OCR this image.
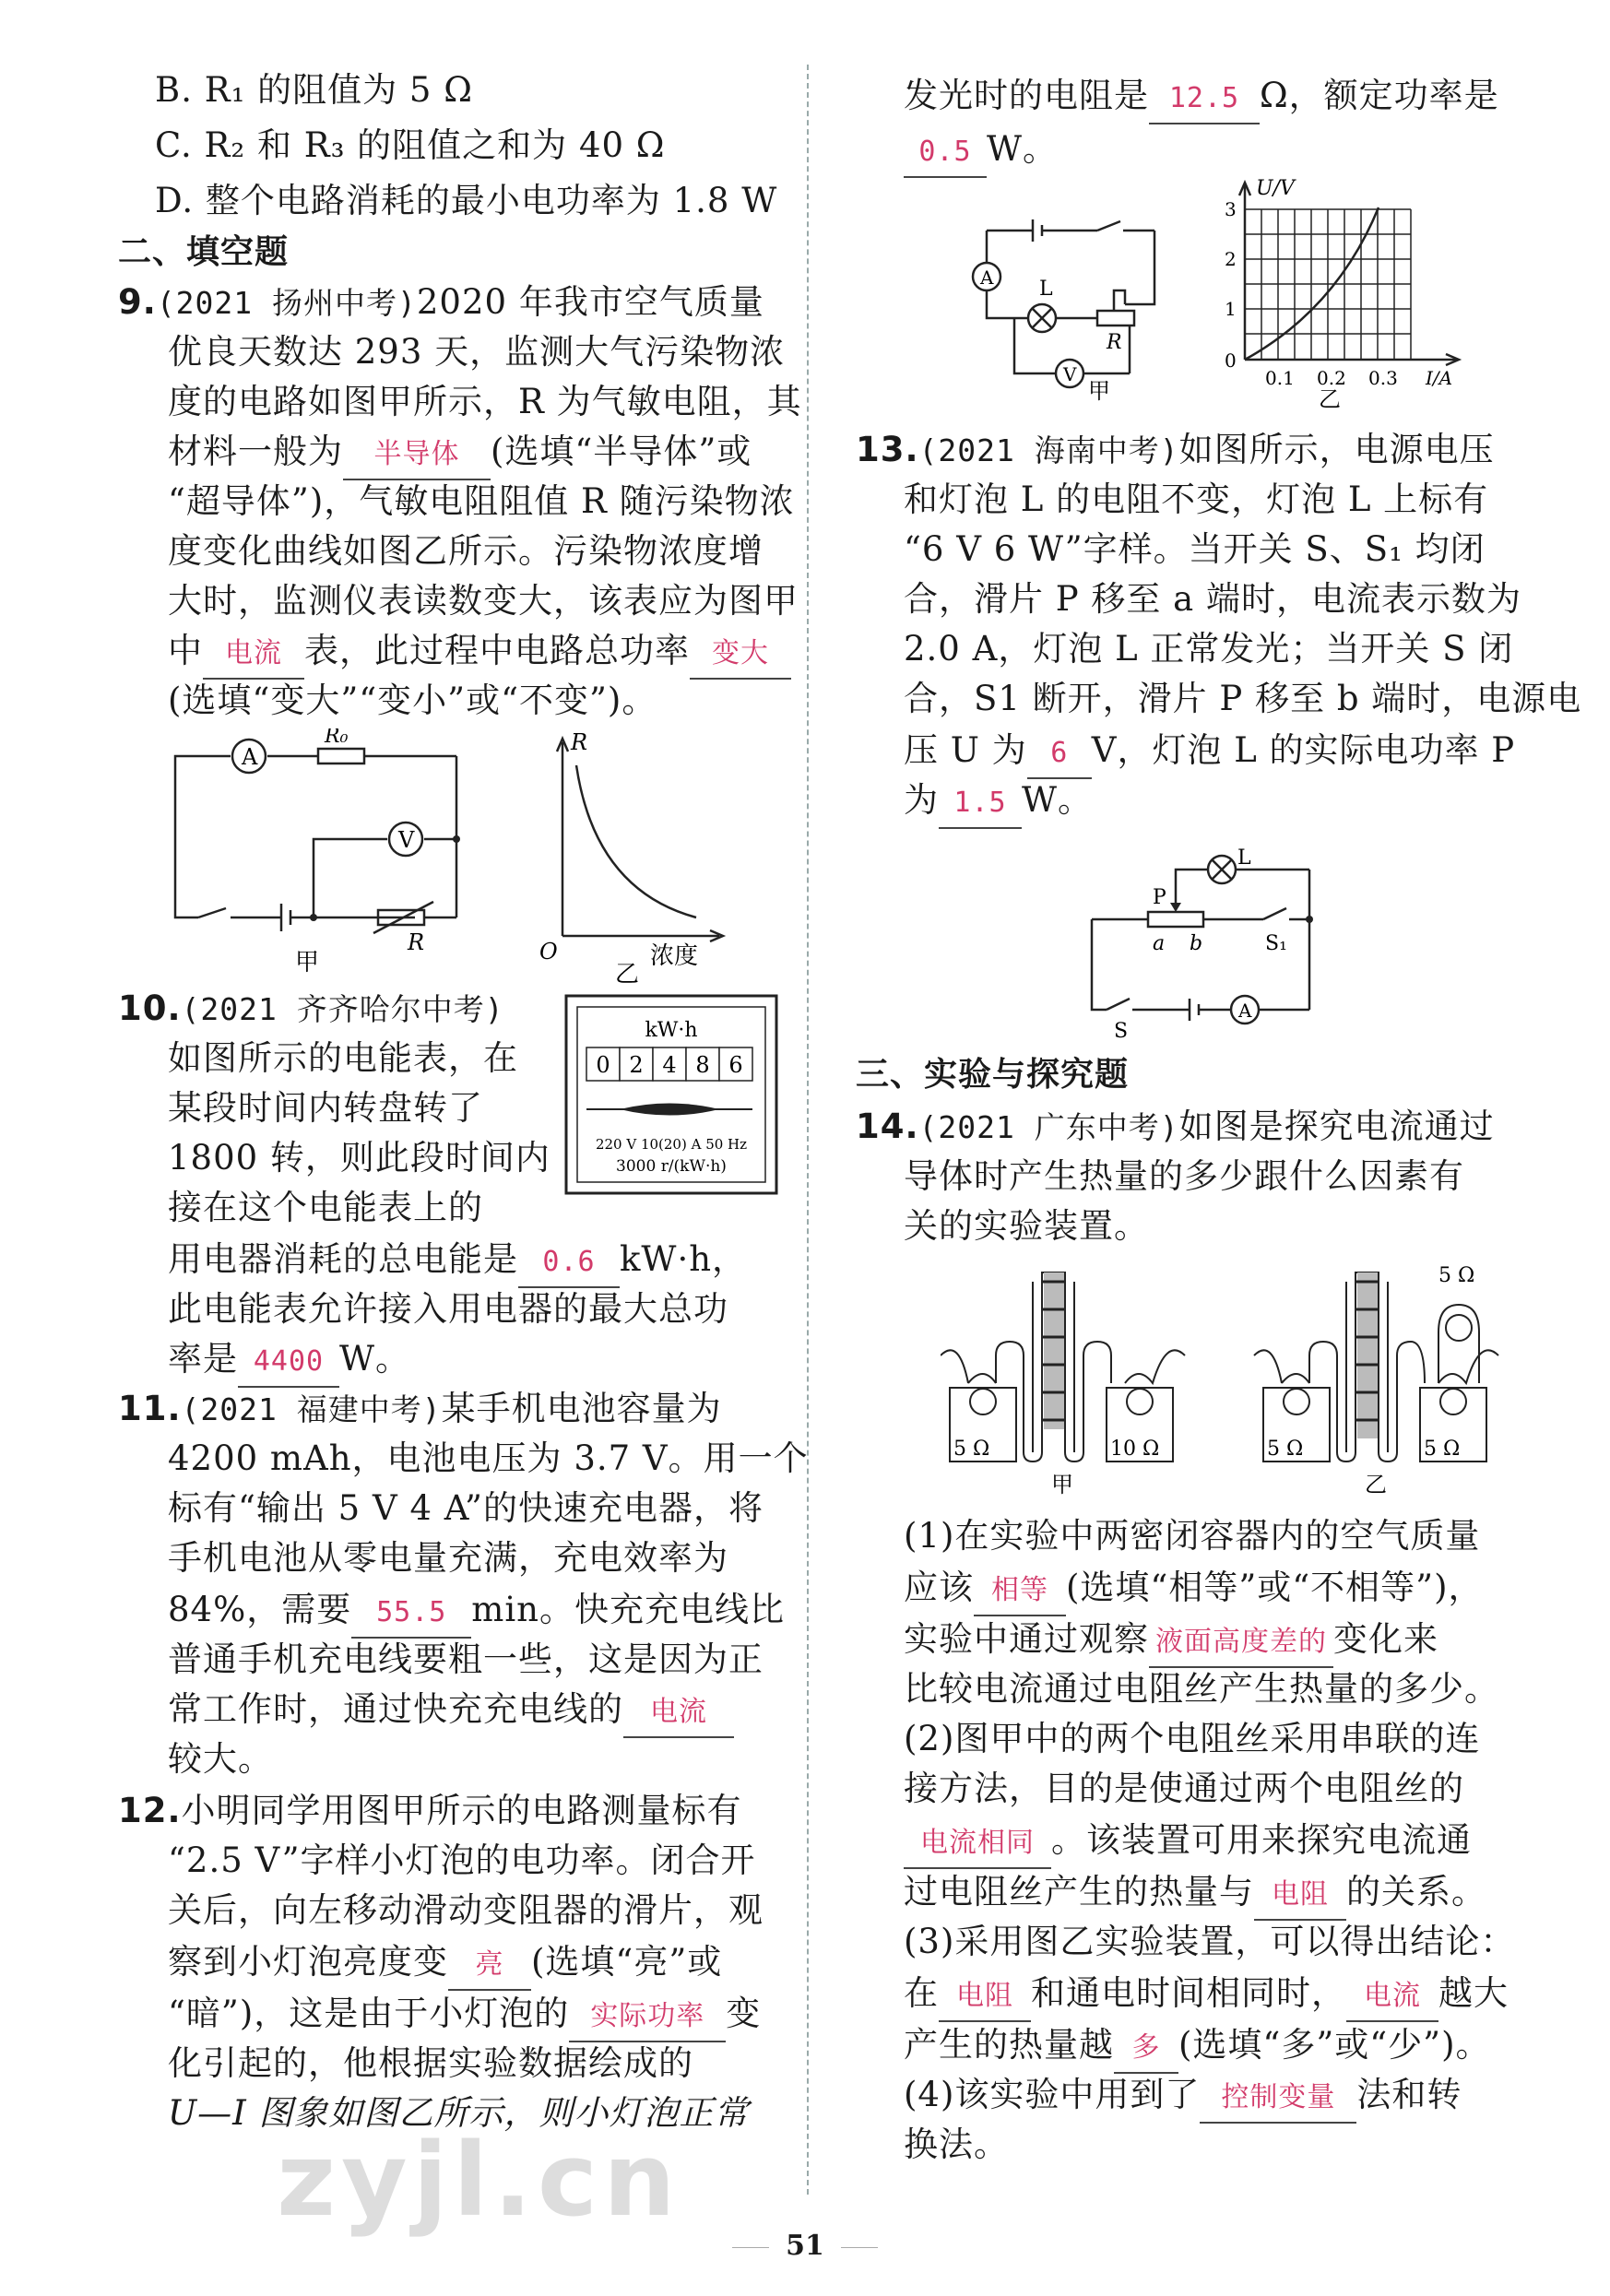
B. R₁ 的阻值为 5 Ω
C. R₂ 和 R₃ 的阻值之和为 40 Ω
D. 整个电路消耗的最小电功率为 1.8 W
二、填空题
9.(2021 扬州中考)2020 年我市空气质量
优良天数达 293 天，监测大气污染物浓
度的电路如图甲所示，R 为气敏电阻，其
材料一般为 半导体 (选填“半导体”或
“超导体”)，气敏电阻阻值 R 随污染物浓
度变化曲线如图乙所示。污染物浓度增
大时，监测仪表读数变大，该表应为图甲
中 电流 表，此过程中电路总功率 变大
(选填“变大”“变小”或“不变”)。
A
V
R₀
R
甲
R
O	浓度
乙
10.(2021 齐齐哈尔中考)
如图所示的电能表，在
某段时间内转盘转了
1800 转，则此段时间内
接在这个电能表上的
用电器消耗的总电能是 0.6 kW·h，
此电能表允许接入用电器的最大总功
率是 4400 W。
kW·h
0 2 4 8 6
220 V 10(20) A 50 Hz
3000 r/(kW·h)
11.(2021 福建中考)某手机电池容量为
4200 mAh，电池电压为 3.7 V。用一个
标有“输出 5 V 4 A”的快速充电器，将
手机电池从零电量充满，充电效率为
84%，需要 55.5 min。快充充电线比
普通手机充电线要粗一些，这是因为正
常工作时，通过快充充电线的 电流
较大。
12.小明同学用图甲所示的电路测量标有
“2.5 V”字样小灯泡的电功率。闭合开
关后，向左移动滑动变阻器的滑片，观
察到小灯泡亮度变 亮 (选填“亮”或
“暗”)，这是由于小灯泡的 实际功率 变
化引起的，他根据实验数据绘成的
U—I 图象如图乙所示，则小灯泡正常
发光时的电阻是 12.5 Ω，额定功率是
0.5 W。
A L
V
R
甲
U/V
0
1
2
3
0.1 0.2 0.3 I/A
乙
13.(2021 海南中考)如图所示，电源电压
和灯泡 L 的电阻不变，灯泡 L 上标有
“6 V 6 W”字样。当开关 S、S₁ 均闭
合，滑片 P 移至 a 端时，电流表示数为
2.0 A，灯泡 L 正常发光；当开关 S 闭
合，S1 断开，滑片 P 移至 b 端时，电源电
压 U 为 6 V，灯泡 L 的实际电功率 P
为 1.5 W。
L
P
a b	S₁
S
A
三、实验与探究题
14.(2021 广东中考)如图是探究电流通过
导体时产生热量的多少跟什么因素有
关的实验装置。
5 Ω	10 Ω
甲
5 Ω
5 Ω	5 Ω
乙
(1)在实验中两密闭容器内的空气质量
应该 相等 (选填“相等”或“不相等”)，
实验中通过观察 液面高度差的 变化来
比较电流通过电阻丝产生热量的多少。
(2)图甲中的两个电阻丝采用串联的连
接方法，目的是使通过两个电阻丝的
电流相同 。该装置可用来探究电流通
过电阻丝产生的热量与 电阻 的关系。
(3)采用图乙实验装置，可以得出结论：
在 电阻 和通电时间相同时， 电流 越大
产生的热量越 多 (选填“多”或“少”)。
(4)该实验中用到了 控制变量 法和转
换法。
zyjl.cn
51
